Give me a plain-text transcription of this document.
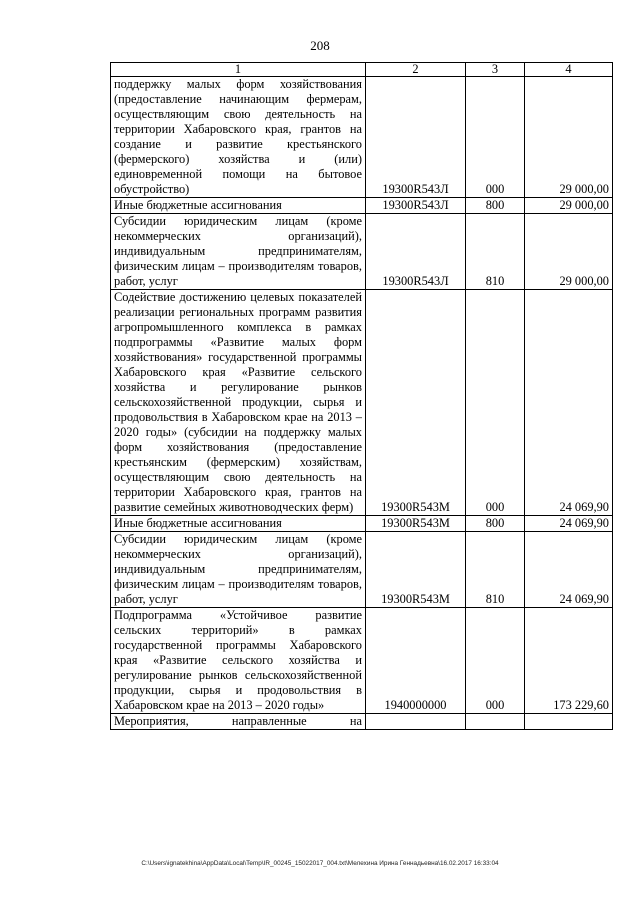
208
1	2	3	4
поддержку малых форм хозяйствования (предоставление начинающим фермерам, осуществляющим свою деятельность на территории Хабаровского края, грантов на создание и развитие крестьянского (фермерского) хозяйства и (или) единовременной помощи на бытовое обустройство)	19300R543Л	000	29 000,00
Иные бюджетные ассигнования	19300R543Л	800	29 000,00
Субсидии юридическим лицам (кроме некоммерческих организаций), индивидуальным предпринимателям, физическим лицам – производителям товаров, работ, услуг	19300R543Л	810	29 000,00
Содействие достижению целевых показателей реализации региональных программ развития агропромышленного комплекса в рамках подпрограммы «Развитие малых форм хозяйствования» государственной программы Хабаровского края «Развитие сельского хозяйства и регулирование рынков сельскохозяйственной продукции, сырья и продовольствия в Хабаровском крае на 2013 – 2020 годы» (субсидии на поддержку малых форм хозяйствования (предоставление крестьянским (фермерским) хозяйствам, осуществляющим свою деятельность на территории Хабаровского края, грантов на развитие семейных животноводческих ферм)	19300R543М	000	24 069,90
Иные бюджетные ассигнования	19300R543М	800	24 069,90
Субсидии юридическим лицам (кроме некоммерческих организаций), индивидуальным предпринимателям, физическим лицам – производителям товаров, работ, услуг	19300R543М	810	24 069,90
Подпрограмма «Устойчивое развитие сельских территорий» в рамках государственной программы Хабаровского края «Развитие сельского хозяйства и регулирование рынков сельскохозяйственной продукции, сырья и продовольствия в Хабаровском крае на 2013 – 2020 годы»	1940000000	000	173 229,60
Мероприятия, направленные на			
C:\Users\ignatekhina\AppData\Local\Temp\IR_00245_15022017_004.txt\Мелехина Ирина Геннадьевна\16.02.2017 16:33:04
